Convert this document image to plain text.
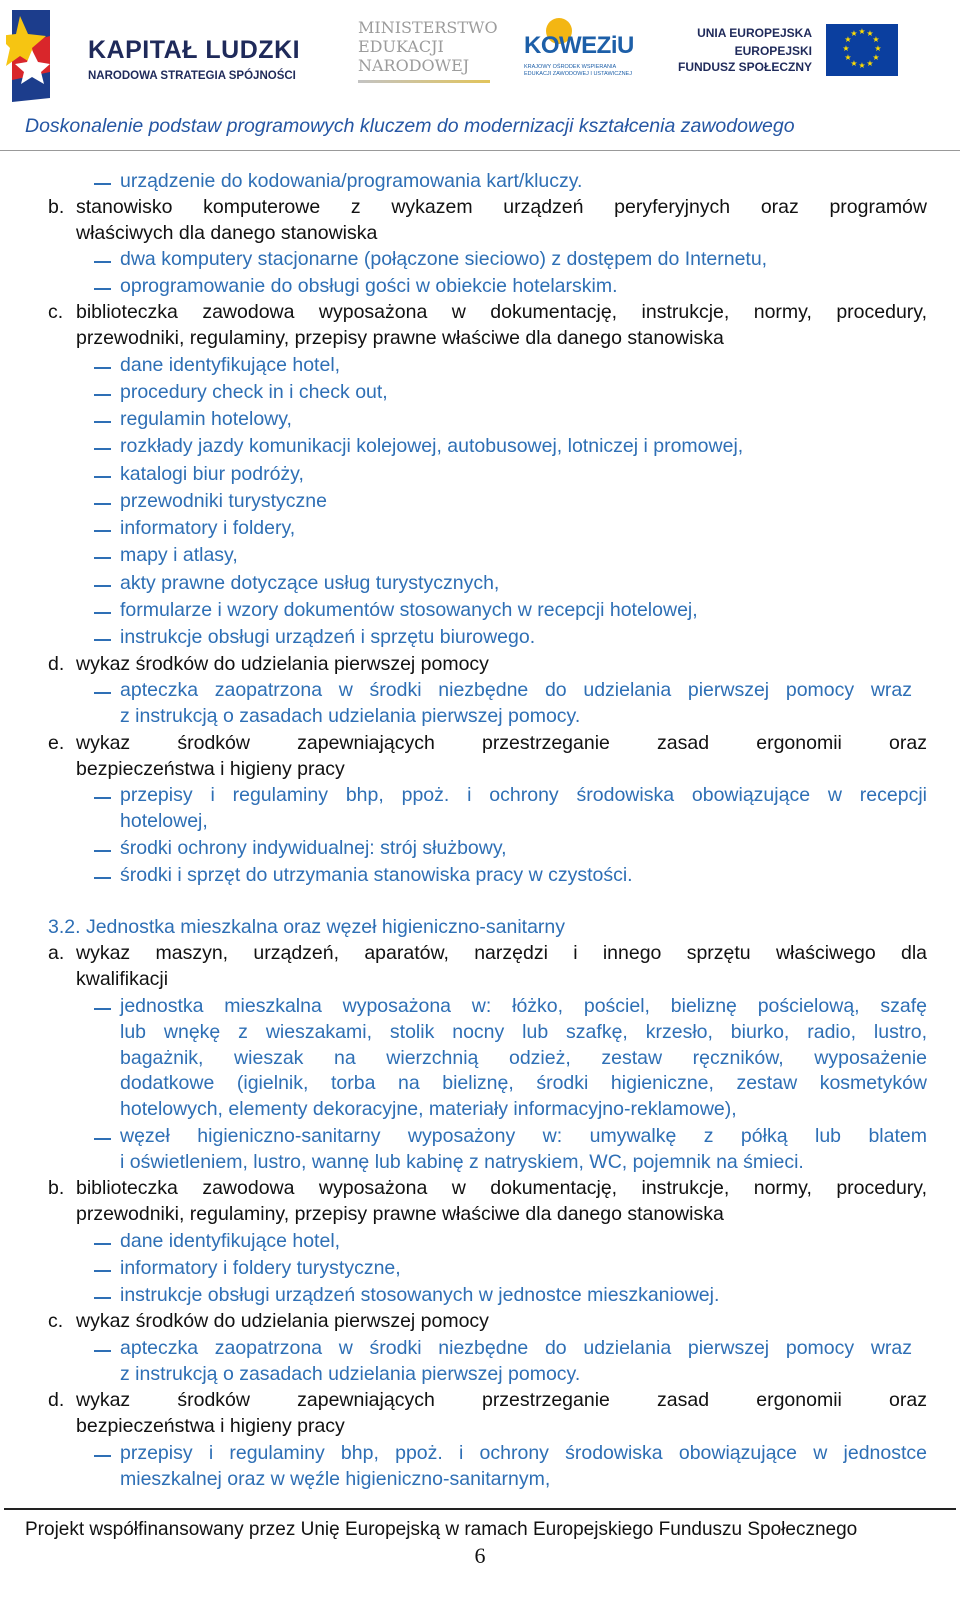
KAPITAŁ LUDZKI
NARODOWA STRATEGIA SPÓJNOŚCI
MINISTERSTWO
EDUKACJI
NARODOWEJ
KOWEZiU
KRAJOWY OŚRODEK WSPIERANIA
EDUKACJI ZAWODOWEJ I USTAWICZNEJ
UNIA EUROPEJSKA
EUROPEJSKI
FUNDUSZ SPOŁECZNY
★ ★
★
★
★
★
★
★
★
★
★
★
Doskonalenie podstaw programowych kluczem do modernizacji kształcenia zawodowego
urządzenie do kodowania/programowania kart/kluczy.
b. stanowisko komputerowe z wykazem urządzeń peryferyjnych oraz programów
właściwych dla danego stanowiska
dwa komputery stacjonarne (połączone sieciowo) z dostępem do Internetu,
oprogramowanie do obsługi gości w obiekcie hotelarskim.
c. biblioteczka zawodowa wyposażona w dokumentację, instrukcje, normy, procedury,
przewodniki, regulaminy, przepisy prawne właściwe dla danego stanowiska
dane identyfikujące hotel,
procedury check in i check out,
regulamin hotelowy,
rozkłady jazdy komunikacji kolejowej, autobusowej, lotniczej i promowej,
katalogi biur podróży,
przewodniki turystyczne
informatory i foldery,
mapy i atlasy,
akty prawne dotyczące usług turystycznych,
formularze i wzory dokumentów stosowanych w recepcji hotelowej,
instrukcje obsługi urządzeń i sprzętu biurowego.
d. wykaz środków do udzielania pierwszej pomocy
apteczka zaopatrzona w środki niezbędne do udzielania pierwszej pomocy wraz
z instrukcją o zasadach udzielania pierwszej pomocy.
e. wykaz środków zapewniających przestrzeganie zasad ergonomii oraz
bezpieczeństwa i higieny pracy
przepisy i regulaminy bhp, ppoż. i ochrony środowiska obowiązujące w recepcji
hotelowej,
środki ochrony indywidualnej: strój służbowy,
środki i sprzęt do utrzymania stanowiska pracy w czystości.
3.2. Jednostka mieszkalna oraz węzeł higieniczno-sanitarny
a. wykaz maszyn, urządzeń, aparatów, narzędzi i innego sprzętu właściwego dla
kwalifikacji
jednostka mieszkalna wyposażona w: łóżko, pościel, bieliznę pościelową, szafę
lub wnękę z wieszakami, stolik nocny lub szafkę, krzesło, biurko, radio, lustro,
bagażnik, wieszak na wierzchnią odzież, zestaw ręczników, wyposażenie
dodatkowe (igielnik, torba na bieliznę, środki higieniczne, zestaw kosmetyków
hotelowych, elementy dekoracyjne, materiały informacyjno-reklamowe),
węzeł higieniczno-sanitarny wyposażony w: umywalkę z półką lub blatem
i oświetleniem, lustro, wannę lub kabinę z natryskiem, WC, pojemnik na śmieci.
b. biblioteczka zawodowa wyposażona w dokumentację, instrukcje, normy, procedury,
przewodniki, regulaminy, przepisy prawne właściwe dla danego stanowiska
dane identyfikujące hotel,
informatory i foldery turystyczne,
instrukcje obsługi urządzeń stosowanych w jednostce mieszkaniowej.
c. wykaz środków do udzielania pierwszej pomocy
apteczka zaopatrzona w środki niezbędne do udzielania pierwszej pomocy wraz
z instrukcją o zasadach udzielania pierwszej pomocy.
d. wykaz środków zapewniających przestrzeganie zasad ergonomii oraz
bezpieczeństwa i higieny pracy
przepisy i regulaminy bhp, ppoż. i ochrony środowiska obowiązujące w jednostce
mieszkalnej oraz w węźle higieniczno-sanitarnym,
Projekt współfinansowany przez Unię Europejską w ramach Europejskiego Funduszu Społecznego
6
